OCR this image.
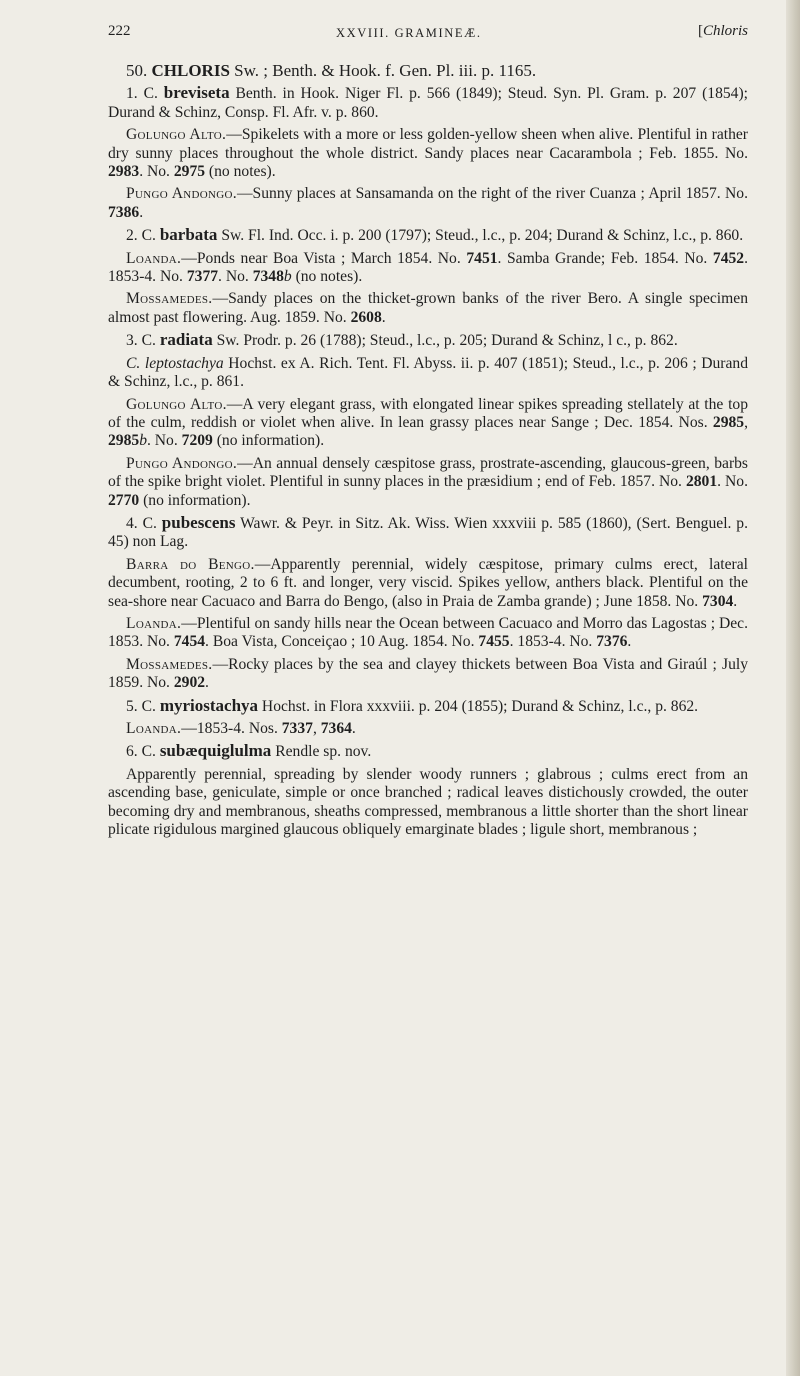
222	XXVIII. GRAMINEÆ.	[Chloris

50. CHLORIS Sw. ; Benth. & Hook. f. Gen. Pl. iii. p. 1165.

1. C. breviseta Benth. in Hook. Niger Fl. p. 566 (1849); Steud. Syn. Pl. Gram. p. 207 (1854); Durand & Schinz, Consp. Fl. Afr. v. p. 860.

Golungo Alto.—Spikelets with a more or less golden-yellow sheen when alive. Plentiful in rather dry sunny places throughout the whole district. Sandy places near Cacarambola ; Feb. 1855. No. 2983. No. 2975 (no notes).

Pungo Andongo.—Sunny places at Sansamanda on the right of the river Cuanza ; April 1857. No. 7386.

2. C. barbata Sw. Fl. Ind. Occ. i. p. 200 (1797); Steud., l.c., p. 204; Durand & Schinz, l.c., p. 860.

Loanda.—Ponds near Boa Vista ; March 1854. No. 7451. Samba Grande; Feb. 1854. No. 7452. 1853-4. No. 7377. No. 7348b (no notes).

Mossamedes.—Sandy places on the thicket-grown banks of the river Bero. A single specimen almost past flowering. Aug. 1859. No. 2608.

3. C. radiata Sw. Prodr. p. 26 (1788); Steud., l.c., p. 205; Durand & Schinz, l c., p. 862.

C. leptostachya Hochst. ex A. Rich. Tent. Fl. Abyss. ii. p. 407 (1851); Steud., l.c., p. 206 ; Durand & Schinz, l.c., p. 861.

Golungo Alto.—A very elegant grass, with elongated linear spikes spreading stellately at the top of the culm, reddish or violet when alive. In lean grassy places near Sange ; Dec. 1854. Nos. 2985, 2985b. No. 7209 (no information).

Pungo Andongo.—An annual densely cæspitose grass, prostrate-ascending, glaucous-green, barbs of the spike bright violet. Plentiful in sunny places in the præsidium ; end of Feb. 1857. No. 2801. No. 2770 (no information).

4. C. pubescens Wawr. & Peyr. in Sitz. Ak. Wiss. Wien xxxviii p. 585 (1860), (Sert. Benguel. p. 45) non Lag.

Barra do Bengo.—Apparently perennial, widely cæspitose, primary culms erect, lateral decumbent, rooting, 2 to 6 ft. and longer, very viscid. Spikes yellow, anthers black. Plentiful on the sea-shore near Cacuaco and Barra do Bengo, (also in Praia de Zamba grande) ; June 1858. No. 7304.

Loanda.—Plentiful on sandy hills near the Ocean between Cacuaco and Morro das Lagostas ; Dec. 1853. No. 7454. Boa Vista, Conceiçao ; 10 Aug. 1854. No. 7455. 1853-4. No. 7376.

Mossamedes.—Rocky places by the sea and clayey thickets between Boa Vista and Giraúl ; July 1859. No. 2902.

5. C. myriostachya Hochst. in Flora xxxviii. p. 204 (1855); Durand & Schinz, l.c., p. 862.

Loanda.—1853-4. Nos. 7337, 7364.

6. C. subæquiglulma Rendle sp. nov.

Apparently perennial, spreading by slender woody runners ; glabrous ; culms erect from an ascending base, geniculate, simple or once branched ; radical leaves distichously crowded, the outer becoming dry and membranous, sheaths compressed, membranous a little shorter than the short linear plicate rigidulous margined glaucous obliquely emarginate blades ; ligule short, membranous ;
